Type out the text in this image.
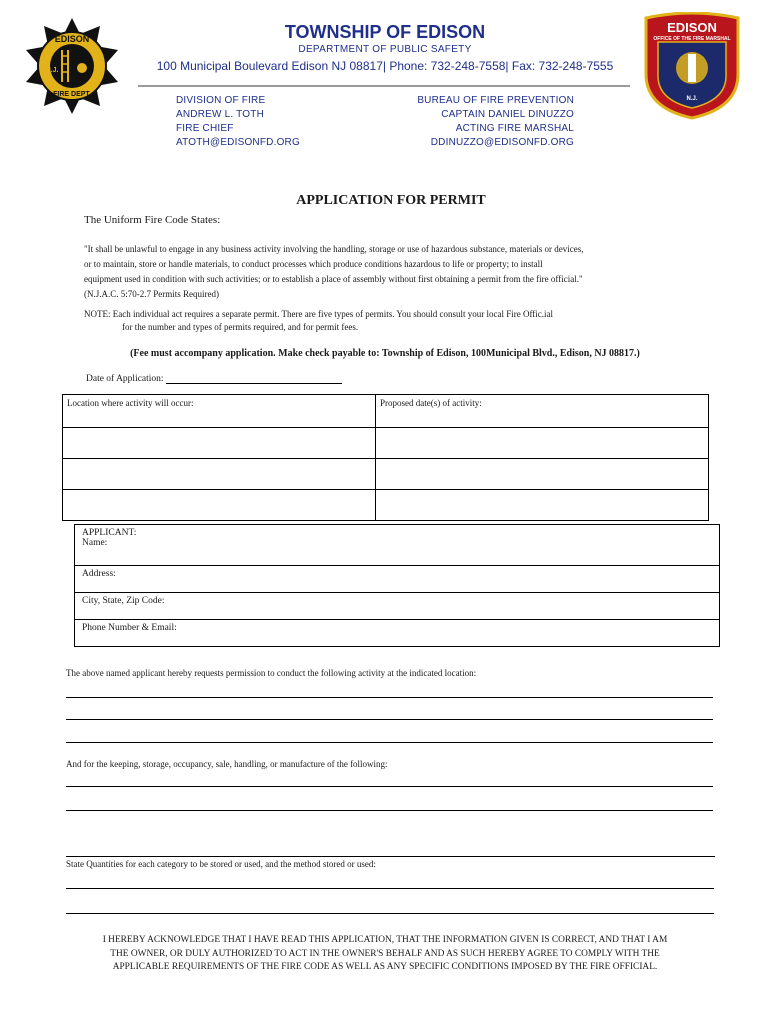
EDISON
N.J.
FIRE DEPT.
EDISON
OFFICE OF THE FIRE MARSHAL
N.J.
TOWNSHIP OF EDISON
DEPARTMENT OF PUBLIC SAFETY
100 Municipal Boulevard Edison NJ 08817| Phone: 732-248-7558| Fax: 732-248-7555
DIVISION OF FIRE
ANDREW L. TOTH
FIRE CHIEF
ATOTH@EDISONFD.ORG
BUREAU OF FIRE PREVENTION
CAPTAIN DANIEL DINUZZO
ACTING FIRE MARSHAL
DDINUZZO@EDISONFD.ORG
APPLICATION FOR PERMIT
The Uniform Fire Code States:
"It shall be unlawful to engage in any business activity involving the handling, storage or use of hazardous substance, materials or devices,
or to maintain, store or handle materials, to conduct processes which produce conditions hazardous to life or property; to install
equipment used in condition with such activities; or to establish a place of assembly without first obtaining a permit from the fire official."
(N.J.A.C. 5:70-2.7 Permits Required)
NOTE: Each individual act requires a separate permit. There are five types of permits. You should consult your local Fire Offic.ial
for the number and types of permits required, and for permit fees.
(Fee must accompany application. Make check payable to: Township of Edison, 100Municipal Blvd., Edison, NJ 08817.)
Date of Application:
Location where activity will occur:	Proposed date(s) of activity:

APPLICANT:
Name:
Address:
City, State, Zip Code:
Phone Number & Email:
The above named applicant hereby requests permission to conduct the following activity at the indicated location:
And for the keeping, storage, occupancy, sale, handling, or manufacture of the following:
State Quantities for each category to be stored or used, and the method stored or used:
I HEREBY ACKNOWLEDGE THAT I HAVE READ THIS APPLICATION, THAT THE INFORMATION GIVEN IS CORRECT, AND THAT I AM
THE OWNER, OR DULY AUTHORIZED TO ACT IN THE OWNER'S BEHALF AND AS SUCH HEREBY AGREE TO COMPLY WITH THE
APPLICABLE REQUIREMENTS OF THE FIRE CODE AS WELL AS ANY SPECIFIC CONDITIONS IMPOSED BY THE FIRE OFFICIAL.
